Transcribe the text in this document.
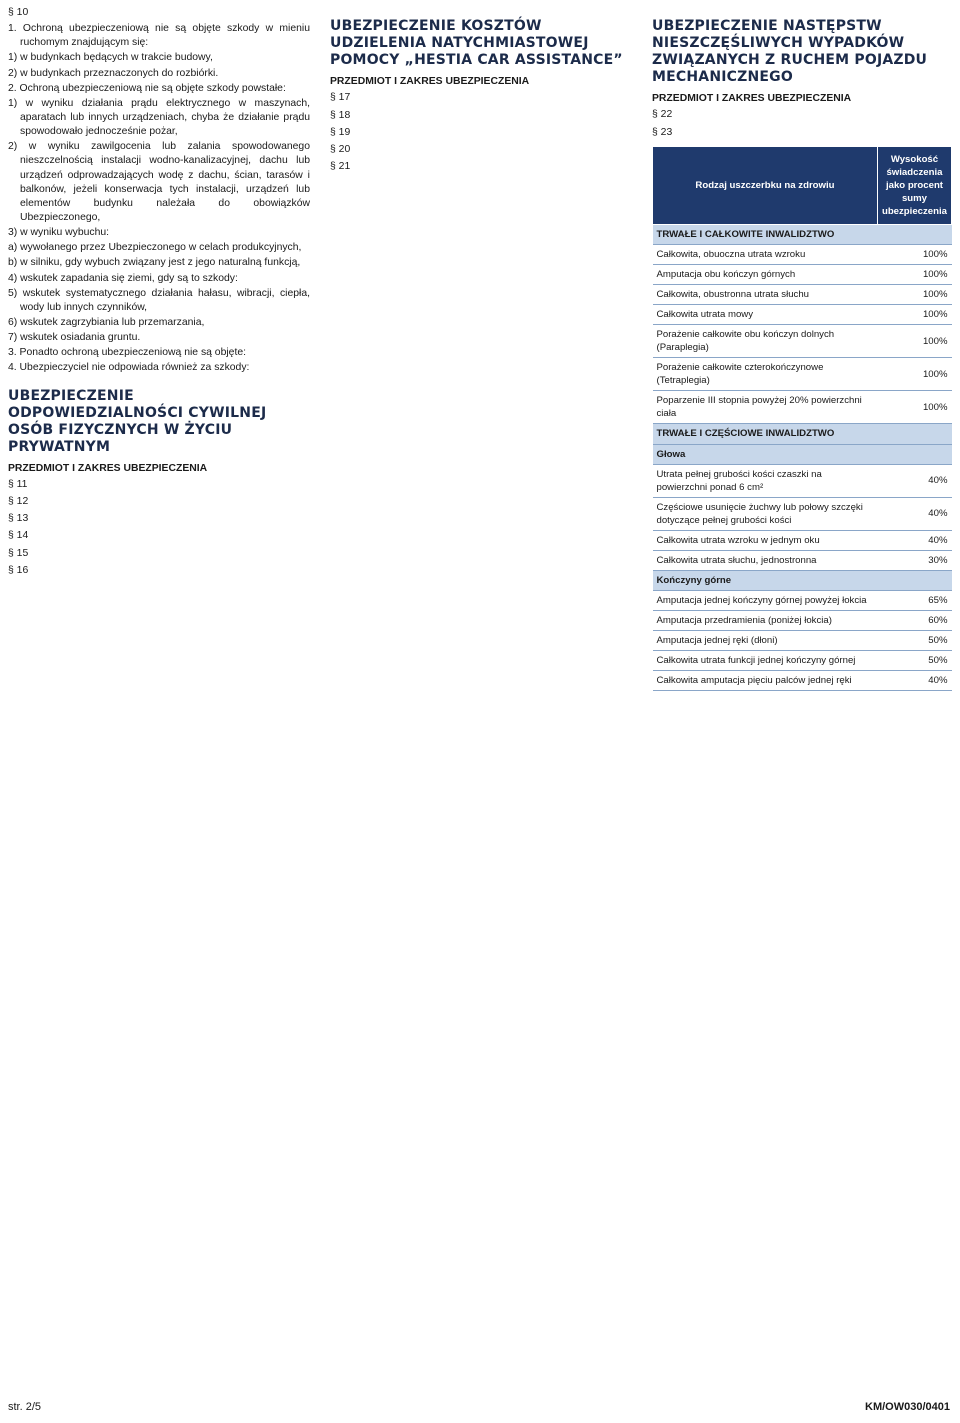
§ 10
1. Ochroną ubezpieczeniową nie są objęte szkody w mieniu ruchomym znajdującym się:
1) w budynkach będących w trakcie budowy,
2) w budynkach przeznaczonych do rozbiórki.
2. Ochroną ubezpieczeniową nie są objęte szkody powstałe:
1) w wyniku działania prądu elektrycznego w maszynach, aparatach lub innych urządzeniach, chyba że działanie prądu spowodowało jednocześnie pożar,
2) w wyniku zawilgocenia lub zalania spowodowanego nieszczelnością instalacji wodno-kanalizacyjnej, dachu lub urządzeń odprowadzających wodę z dachu, ścian, tarasów i balkonów, jeżeli konserwacja tych instalacji, urządzeń lub elementów budynku należała do obowiązków Ubezpieczonego,
3) w wyniku wybuchu:
a) wywołanego przez Ubezpieczonego w celach produkcyjnych,
b) w silniku, gdy wybuch związany jest z jego naturalną funkcją,
4) wskutek zapadania się ziemi, gdy są to szkody:
5) wskutek systematycznego działania hałasu, wibracji, ciepła, wody lub innych czynników,
6) wskutek zagrzybiania lub przemarzania,
7) wskutek osiadania gruntu.
3. Ponadto ochroną ubezpieczeniową nie są objęte:
4. Ubezpieczyciel nie odpowiada również za szkody:
UBEZPIECZENIE ODPOWIEDZIALNOŚCI CYWILNEJ OSÓB FIZYCZNYCH W ŻYCIU PRYWATNYM
PRZEDMIOT I ZAKRES UBEZPIECZENIA
§ 11
§ 12
§ 13
§ 14
§ 15
§ 16
UBEZPIECZENIE KOSZTÓW UDZIELENIA NATYCHMIASTOWEJ POMOCY „HESTIA CAR ASSISTANCE”
PRZEDMIOT I ZAKRES UBEZPIECZENIA
§ 17
§ 18
§ 19
§ 20
§ 21
UBEZPIECZENIE NASTĘPSTW NIESZCZĘŚLIWYCH WYPADKÓW ZWIĄZANYCH Z RUCHEM POJAZDU MECHANICZNEGO
PRZEDMIOT I ZAKRES UBEZPIECZENIA
§ 22
§ 23
Rodzaj uszczerbku na zdrowiu	Wysokość świadczenia jako procent sumy ubezpieczenia
TRWAŁE I CAŁKOWITE INWALIDZTWO	
Całkowita, obuoczna utrata wzroku	100%
Amputacja obu kończyn górnych	100%
Całkowita, obustronna utrata słuchu	100%
Całkowita utrata mowy	100%
Porażenie całkowite obu kończyn dolnych (Paraplegia)	100%
Porażenie całkowite czterokończynowe (Tetraplegia)	100%
Poparzenie III stopnia powyżej 20% powierzchni ciała	100%
TRWAŁE I CZĘŚCIOWE INWALIDZTWO	
Głowa	
Utrata pełnej grubości kości czaszki na powierzchni ponad 6 cm²	40%
Częściowe usunięcie żuchwy lub połowy szczęki dotyczące pełnej grubości kości	40%
Całkowita utrata wzroku w jednym oku	40%
Całkowita utrata słuchu, jednostronna	30%
Kończyny górne	
Amputacja jednej kończyny górnej powyżej łokcia	65%
Amputacja przedramienia (poniżej łokcia)	60%
Amputacja jednej ręki (dłoni)	50%
Całkowita utrata funkcji jednej kończyny górnej	50%
Całkowita amputacja pięciu palców jednej ręki	40%
str. 2/5	KM/OW030/0401
